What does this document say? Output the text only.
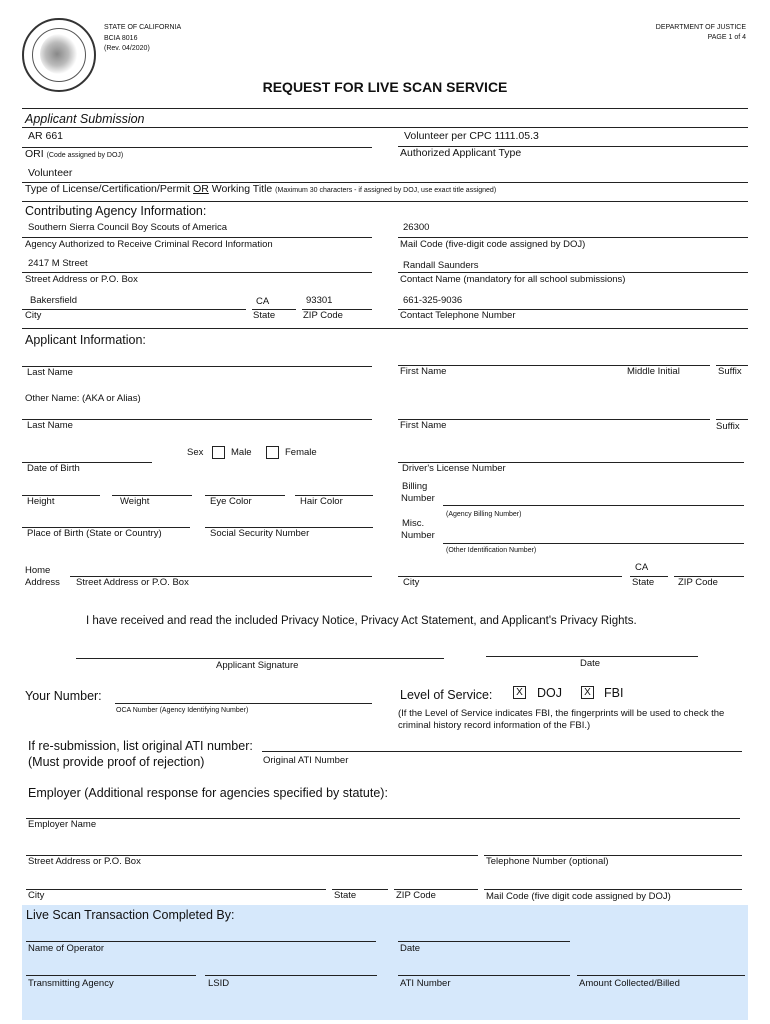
STATE OF CALIFORNIA
BCIA 8016
(Rev. 04/2020)
DEPARTMENT OF JUSTICE
PAGE 1 of 4
REQUEST FOR LIVE SCAN SERVICE
Applicant Submission
AR 661
ORI (Code assigned by DOJ)
Volunteer per CPC 1111.05.3
Authorized Applicant Type
Volunteer
Type of License/Certification/Permit OR Working Title (Maximum 30 characters - if assigned by DOJ, use exact title assigned)
Contributing Agency Information:
Southern Sierra Council Boy Scouts of America
Agency Authorized to Receive Criminal Record Information
26300
Mail Code (five-digit code assigned by DOJ)
2417 M Street
Street Address or P.O. Box
Randall Saunders
Contact Name (mandatory for all school submissions)
Bakersfield
City
CA
State
93301
ZIP Code
661-325-9036
Contact Telephone Number
Applicant Information:
Last Name	First Name	Middle Initial	Suffix
Other Name: (AKA or Alias)
Last Name	First Name	Suffix
Sex	Male	Female
Date of Birth	Driver's License Number
Height	Weight	Eye Color	Hair Color
Billing
Number
(Agency Billing Number)
Place of Birth (State or Country)	Social Security Number
Misc.
Number
(Other Identification Number)
Home
Address Street Address or P.O. Box	City
CA
State	ZIP Code
I have received and read the included Privacy Notice, Privacy Act Statement, and Applicant's Privacy Rights.
Applicant Signature	Date
Your Number:
OCA Number (Agency Identifying Number)
Level of Service:	X DOJ	X FBI
(If the Level of Service indicates FBI, the fingerprints will be used to check the
criminal history record information of the FBI.)
If re-submission, list original ATI number:
(Must provide proof of rejection)	Original ATI Number
Employer (Additional response for agencies specified by statute):
Employer Name
Street Address or P.O. Box	Telephone Number (optional)
City	State	ZIP Code	Mail Code (five digit code assigned by DOJ)
Live Scan Transaction Completed By:
Name of Operator	Date
Transmitting Agency	LSID	ATI Number	Amount Collected/Billed
